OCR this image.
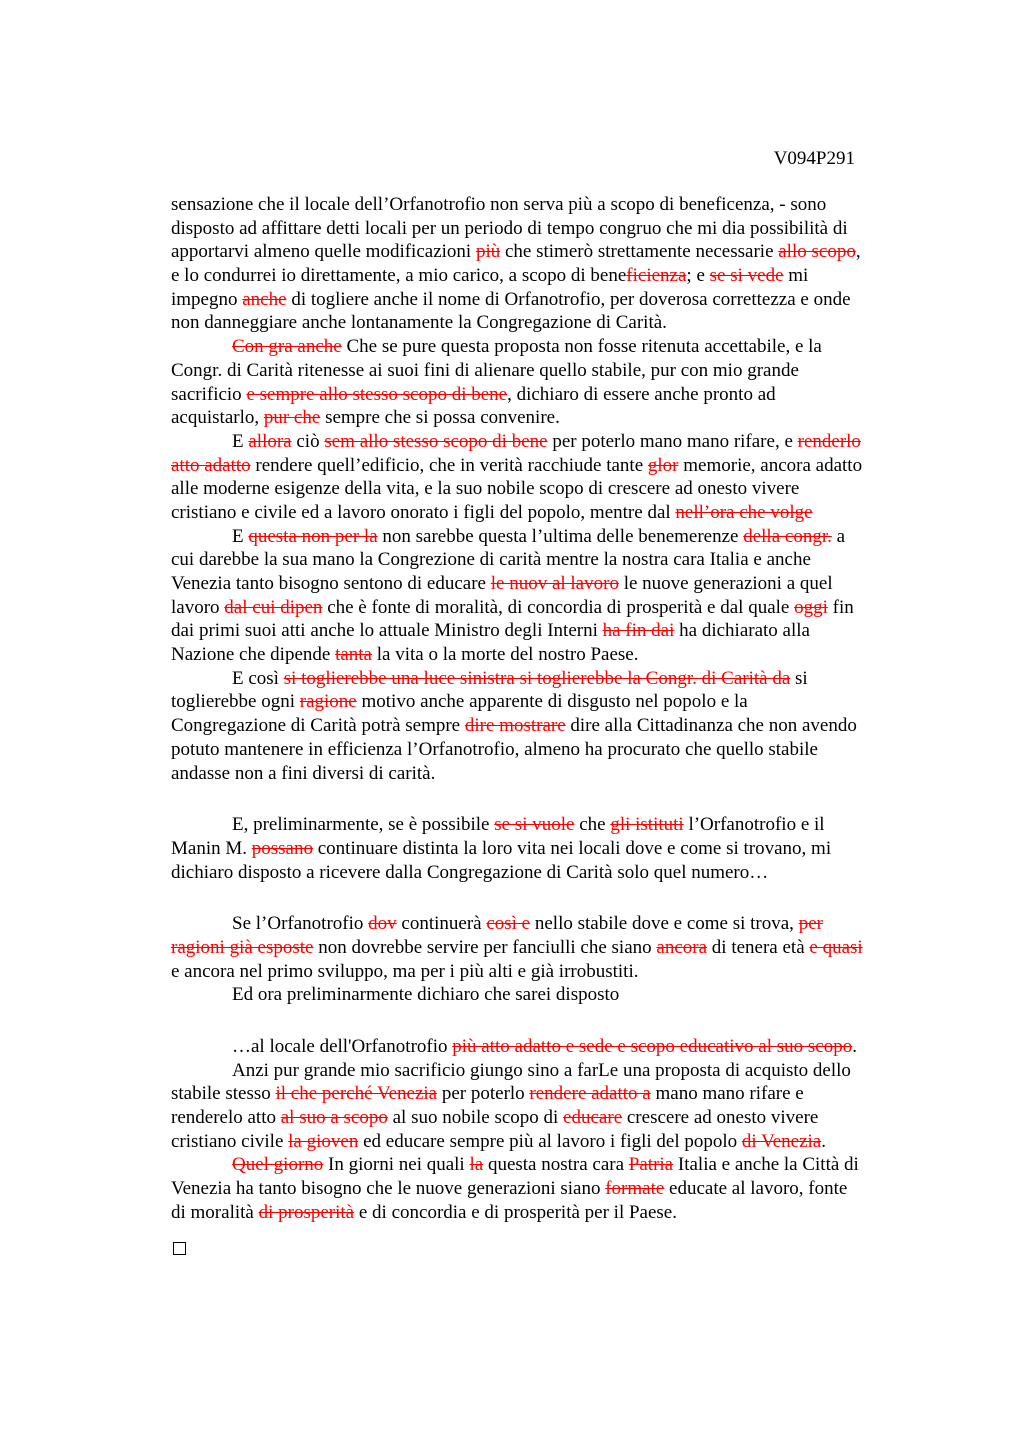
V094P291
sensazione che il locale dell’Orfanotrofio non serva più a scopo di beneficenza, - sono
disposto ad affittare detti locali per un periodo di tempo congruo che mi dia possibilità di
apportarvi almeno quelle modificazioni più che stimerò strettamente necessarie allo scopo,
e lo condurrei io direttamente, a mio carico, a scopo di beneficienza; e se si vede mi
impegno anche di togliere anche il nome di Orfanotrofio, per doverosa correttezza e onde
non danneggiare anche lontanamente la Congregazione di Carità.
Con gra anche Che se pure questa proposta non fosse ritenuta accettabile, e la
Congr. di Carità ritenesse ai suoi fini di alienare quello stabile, pur con mio grande
sacrificio e sempre allo stesso scopo di bene, dichiaro di essere anche pronto ad
acquistarlo, pur che sempre che si possa convenire.
E allora ciò sem allo stesso scopo di bene per poterlo mano mano rifare, e renderlo
atto adatto rendere quell’edificio, che in verità racchiude tante glor memorie, ancora adatto
alle moderne esigenze della vita, e la suo nobile scopo di crescere ad onesto vivere
cristiano e civile ed a lavoro onorato i figli del popolo, mentre dal nell’ora che volge
E questa non per la non sarebbe questa l’ultima delle benemerenze della congr. a
cui darebbe la sua mano la Congrezione di carità mentre la nostra cara Italia e anche
Venezia tanto bisogno sentono di educare le nuov al lavoro le nuove generazioni a quel
lavoro dal cui dipen che è fonte di moralità, di concordia di prosperità e dal quale oggi fin
dai primi suoi atti anche lo attuale Ministro degli Interni ha fin dai ha dichiarato alla
Nazione che dipende tanta la vita o la morte del nostro Paese.
E così si toglierebbe una luce sinistra si toglierebbe la Congr. di Carità da si
toglierebbe ogni ragione motivo anche apparente di disgusto nel popolo e la
Congregazione di Carità potrà sempre dire mostrare dire alla Cittadinanza che non avendo
potuto mantenere in efficienza l’Orfanotrofio, almeno ha procurato che quello stabile
andasse non a fini diversi di carità.
E, preliminarmente, se è possibile se si vuole che gli istituti l’Orfanotrofio e il
Manin M. possano continuare distinta la loro vita nei locali dove e come si trovano, mi
dichiaro disposto a ricevere dalla Congregazione di Carità solo quel numero…
Se l’Orfanotrofio dov continuerà così e nello stabile dove e come si trova, per
ragioni già esposte non dovrebbe servire per fanciulli che siano ancora di tenera età e quasi
e ancora nel primo sviluppo, ma per i più alti e già irrobustiti.
Ed ora preliminarmente dichiaro che sarei disposto
…al locale dell'Orfanotrofio più atto adatto e sede e scopo educativo al suo scopo.
Anzi pur grande mio sacrificio giungo sino a farLe una proposta di acquisto dello
stabile stesso il che perché Venezia per poterlo rendere adatto a mano mano rifare e
renderelo atto al suo a scopo al suo nobile scopo di educare crescere ad onesto vivere
cristiano civile la gioven ed educare sempre più al lavoro i figli del popolo di Venezia.
Quel giorno In giorni nei quali la questa nostra cara Patria Italia e anche la Città di
Venezia ha tanto bisogno che le nuove generazioni siano formate educate al lavoro, fonte
di moralità di prosperità e di concordia e di prosperità per il Paese.
